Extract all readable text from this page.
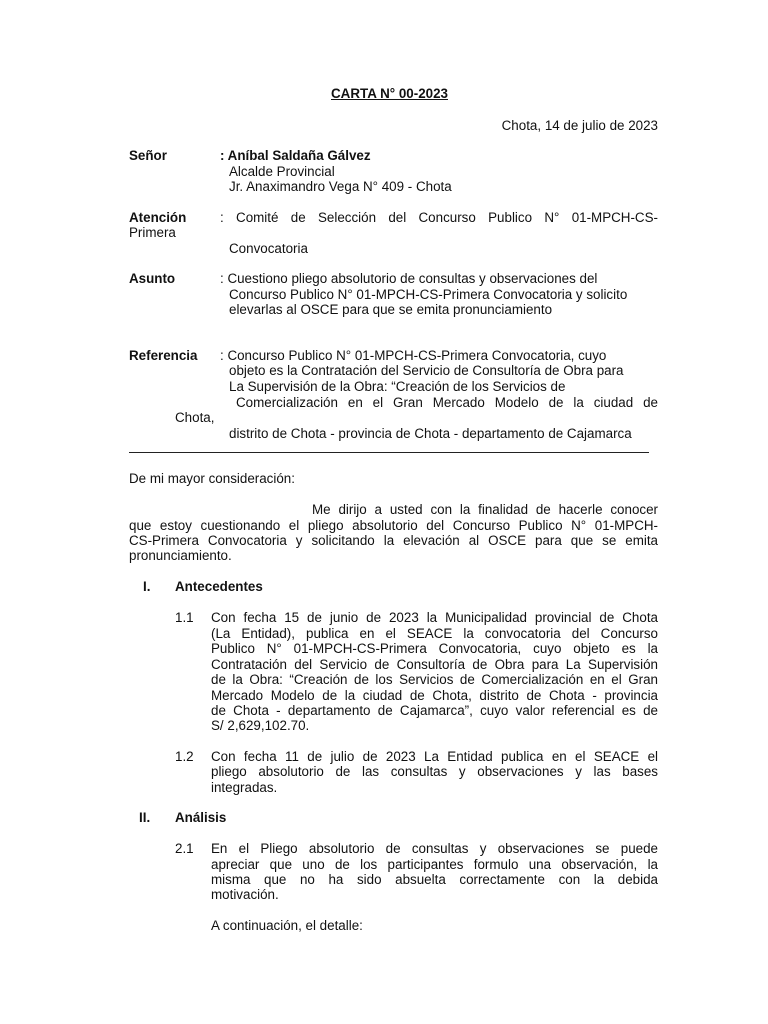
CARTA N° 00-2023
Chota, 14 de julio de 2023
Señor	: Aníbal Saldaña Gálvez
Alcalde Provincial
Jr. Anaximandro Vega N° 409 - Chota
Atención	: Comité de Selección del Concurso Publico N° 01-MPCH-CS-
Primera
Convocatoria
Asunto	: Cuestiono pliego absolutorio de consultas y observaciones del
Concurso Publico N° 01-MPCH-CS-Primera Convocatoria y solicito
elevarlas al OSCE para que se emita pronunciamiento
Referencia : Concurso Publico N° 01-MPCH-CS-Primera Convocatoria, cuyo
objeto es la Contratación del Servicio de Consultoría de Obra para
La Supervisión de la Obra: “Creación de los Servicios de
Comercialización en el Gran Mercado Modelo de la ciudad de
Chota,
distrito de Chota - provincia de Chota - departamento de Cajamarca
De mi mayor consideración:
Me dirijo a usted con la finalidad de hacerle conocer
que estoy cuestionando el pliego absolutorio del Concurso Publico N° 01-MPCH-
CS-Primera Convocatoria y solicitando la elevación al OSCE para que se emita
pronunciamiento.
I. Antecedentes
1.1 Con fecha 15 de junio de 2023 la Municipalidad provincial de Chota
(La Entidad), publica en el SEACE la convocatoria del Concurso
Publico N° 01-MPCH-CS-Primera Convocatoria, cuyo objeto es la
Contratación del Servicio de Consultoría de Obra para La Supervisión
de la Obra: “Creación de los Servicios de Comercialización en el Gran
Mercado Modelo de la ciudad de Chota, distrito de Chota - provincia
de Chota - departamento de Cajamarca”, cuyo valor referencial es de
S/ 2,629,102.70.
1.2 Con fecha 11 de julio de 2023 La Entidad publica en el SEACE el
pliego absolutorio de las consultas y observaciones y las bases
integradas.
II. Análisis
2.1 En el Pliego absolutorio de consultas y observaciones se puede
apreciar que uno de los participantes formulo una observación, la
misma que no ha sido absuelta correctamente con la debida
motivación.
A continuación, el detalle:
